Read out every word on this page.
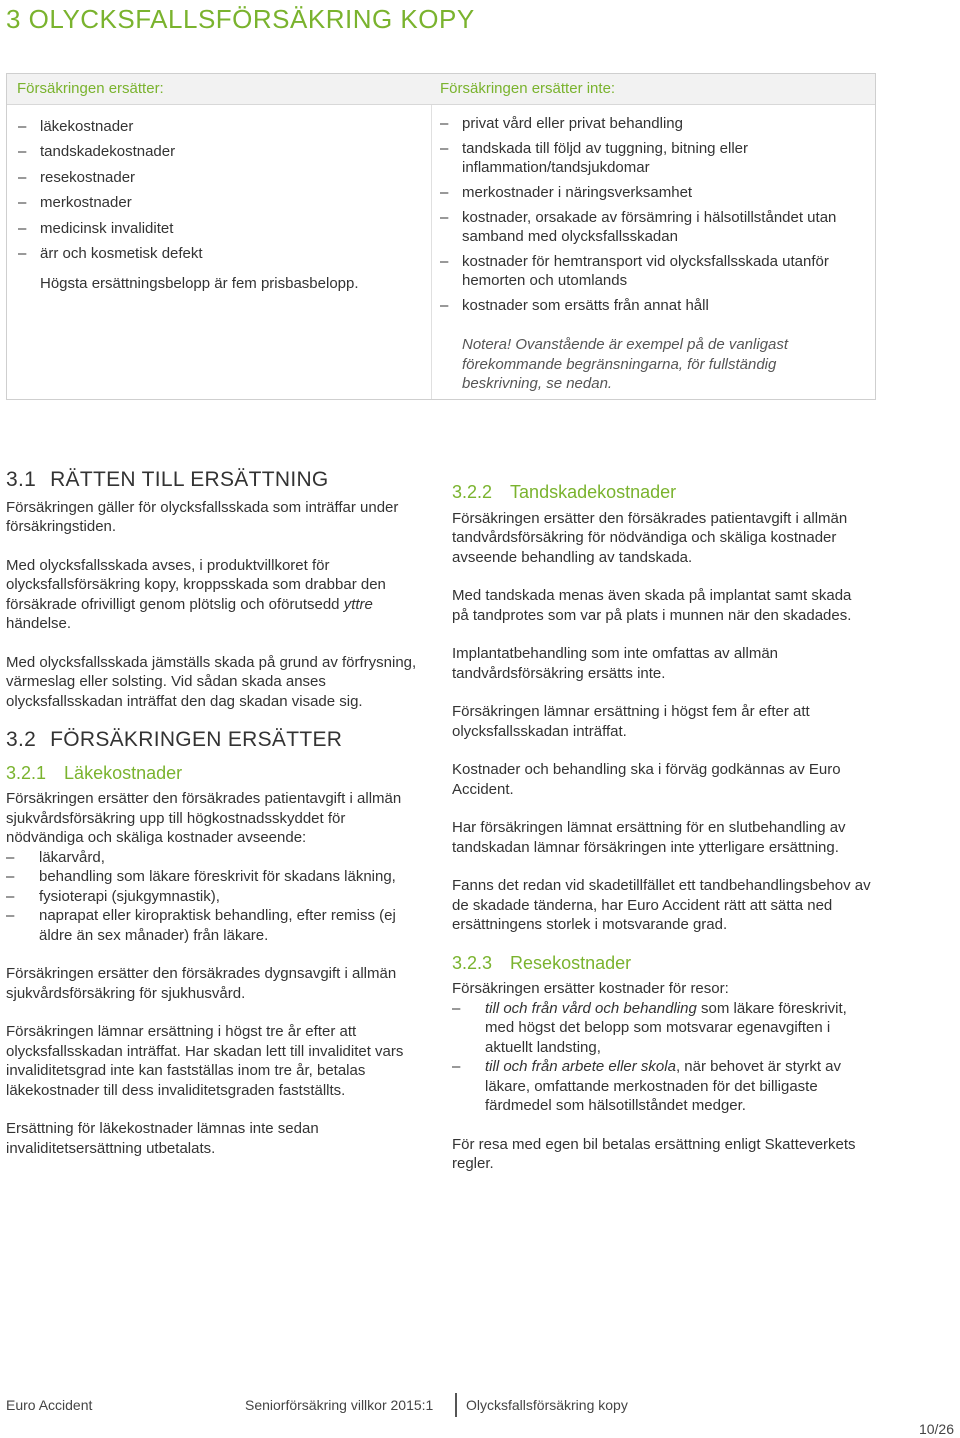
3 OLYCKSFALLSFÖRSÄKRING KOPY
Försäkringen ersätter:
– läkekostnader
– tandskadekostnader
– resekostnader
– merkostnader
– medicinsk invaliditet
– ärr och kosmetisk defekt
Högsta ersättningsbelopp är fem prisbasbelopp.
Försäkringen ersätter inte:
– privat vård eller privat behandling
– tandskada till följd av tuggning, bitning eller inflammation/tandsjukdomar
– merkostnader i näringsverksamhet
– kostnader, orsakade av försämring i hälsotillståndet utan samband med olycksfallsskadan
– kostnader för hemtransport vid olycksfallsskada utanför hemorten och utomlands
– kostnader som ersätts från annat håll
Notera! Ovanstående är exempel på de vanligast förekommande begränsningarna, för fullständig beskrivning, se nedan.
3.1 RÄTTEN TILL ERSÄTTNING

Försäkringen gäller för olycksfallsskada som inträffar under försäkringstiden.

Med olycksfallsskada avses, i produktvillkoret för olycksfallsförsäkring kopy, kroppsskada som drabbar den försäkrade ofrivilligt genom plötslig och oförutsedd yttre händelse.

Med olycksfallsskada jämställs skada på grund av förfrysning, värmeslag eller solsting. Vid sådan skada anses olycksfallsskadan inträffat den dag skadan visade sig.

3.2 FÖRSÄKRINGEN ERSÄTTER
3.2.1 Läkekostnader

Försäkringen ersätter den försäkrades patientavgift i allmän sjukvårdsförsäkring upp till högkostnadsskyddet för nödvändiga och skäliga kostnader avseende:

– läkarvård,
– behandling som läkare föreskrivit för skadans läkning,
– fysioterapi (sjukgymnastik),
– naprapat eller kiropraktisk behandling, efter remiss (ej äldre än sex månader) från läkare.

Försäkringen ersätter den försäkrades dygnsavgift i allmän sjukvårdsförsäkring för sjukhusvård.

Försäkringen lämnar ersättning i högst tre år efter att olycksfallsskadan inträffat. Har skadan lett till invaliditet vars invaliditetsgrad inte kan fastställas inom tre år, betalas läkekostnader till dess invaliditetsgraden fastställts.

Ersättning för läkekostnader lämnas inte sedan invaliditetsersättning utbetalats.

3.2.2 Tandskadekostnader

Försäkringen ersätter den försäkrades patientavgift i allmän tandvårdsförsäkring för nödvändiga och skäliga kostnader avseende behandling av tandskada.

Med tandskada menas även skada på implantat samt skada på tandprotes som var på plats i munnen när den skadades.

Implantatbehandling som inte omfattas av allmän tandvårdsförsäkring ersätts inte.

Försäkringen lämnar ersättning i högst fem år efter att olycksfallsskadan inträffat.

Kostnader och behandling ska i förväg godkännas av Euro Accident.

Har försäkringen lämnat ersättning för en slutbehandling av tandskadan lämnar försäkringen inte ytterligare ersättning.

Fanns det redan vid skadetillfället ett tandbehandlingsbehov av de skadade tänderna, har Euro Accident rätt att sätta ned ersättningens storlek i motsvarande grad.

3.2.3 Resekostnader

Försäkringen ersätter kostnader för resor:

– till och från vård och behandling som läkare föreskrivit, med högst det belopp som motsvarar egenavgiften i aktuellt landsting,
– till och från arbete eller skola, när behovet är styrkt av läkare, omfattande merkostnaden för det billigaste färdmedel som hälsotillståndet medger.

För resa med egen bil betalas ersättning enligt Skatteverkets regler.

Euro Accident	Seniorförsäkring villkor 2015:1 Olycksfallsförsäkring kopy
10/26
